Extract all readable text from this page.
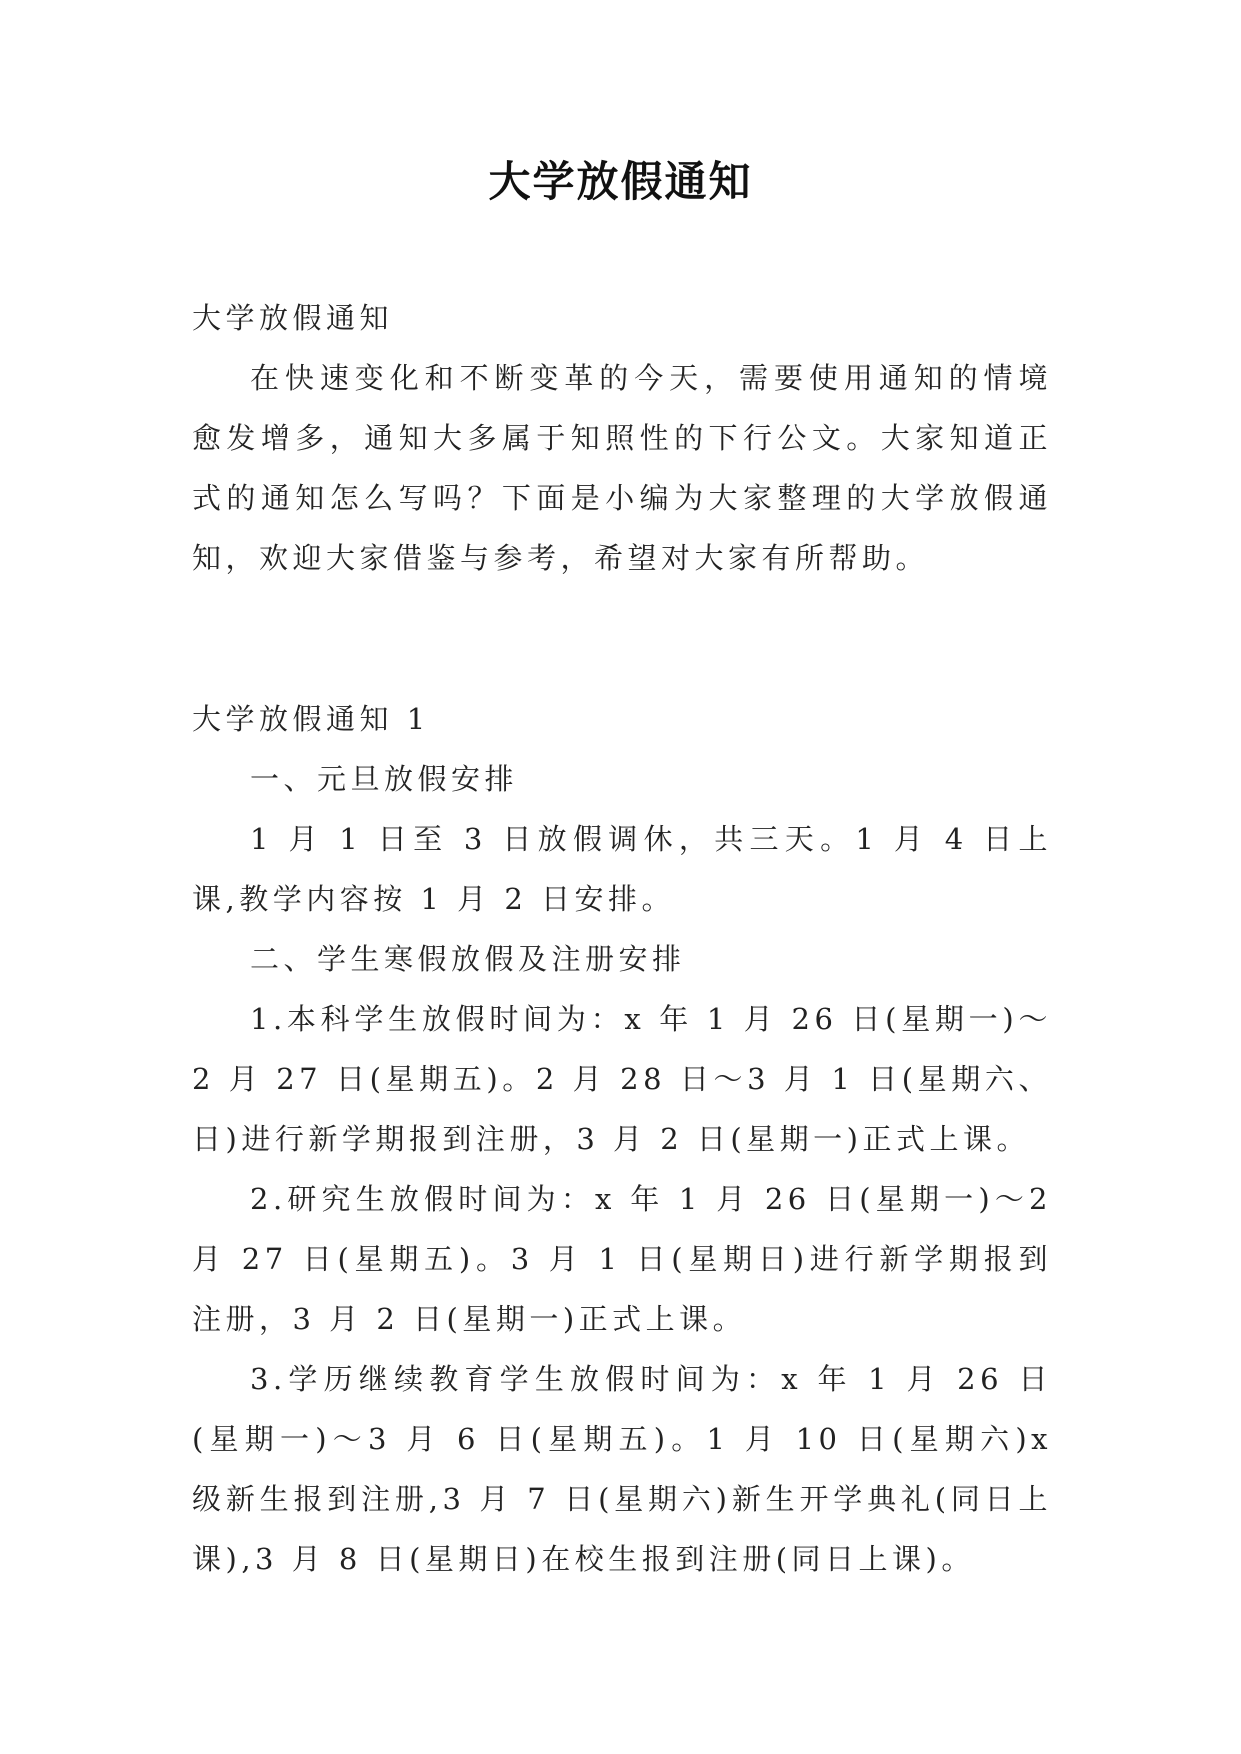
大学放假通知

大学放假通知

在快速变化和不断变革的今天，需要使用通知的情境愈发增多，通知大多属于知照性的下行公文。大家知道正式的通知怎么写吗？下面是小编为大家整理的大学放假通知，欢迎大家借鉴与参考，希望对大家有所帮助。

大学放假通知 1

一、元旦放假安排

1 月 1 日至 3 日放假调休，共三天。1 月 4 日上课,教学内容按 1 月 2 日安排。

二、学生寒假放假及注册安排

1.本科学生放假时间为：x 年 1 月 26 日(星期一)～2 月 27 日(星期五)。2 月 28 日～3 月 1 日(星期六、日)进行新学期报到注册，3 月 2 日(星期一)正式上课。

2.研究生放假时间为：x 年 1 月 26 日(星期一)～2 月 27 日(星期五)。3 月 1 日(星期日)进行新学期报到注册，3 月 2 日(星期一)正式上课。

3.学历继续教育学生放假时间为：x 年 1 月 26 日(星期一)～3 月 6 日(星期五)。1 月 10 日(星期六)x 级新生报到注册,3 月 7 日(星期六)新生开学典礼(同日上课),3 月 8 日(星期日)在校生报到注册(同日上课)。
